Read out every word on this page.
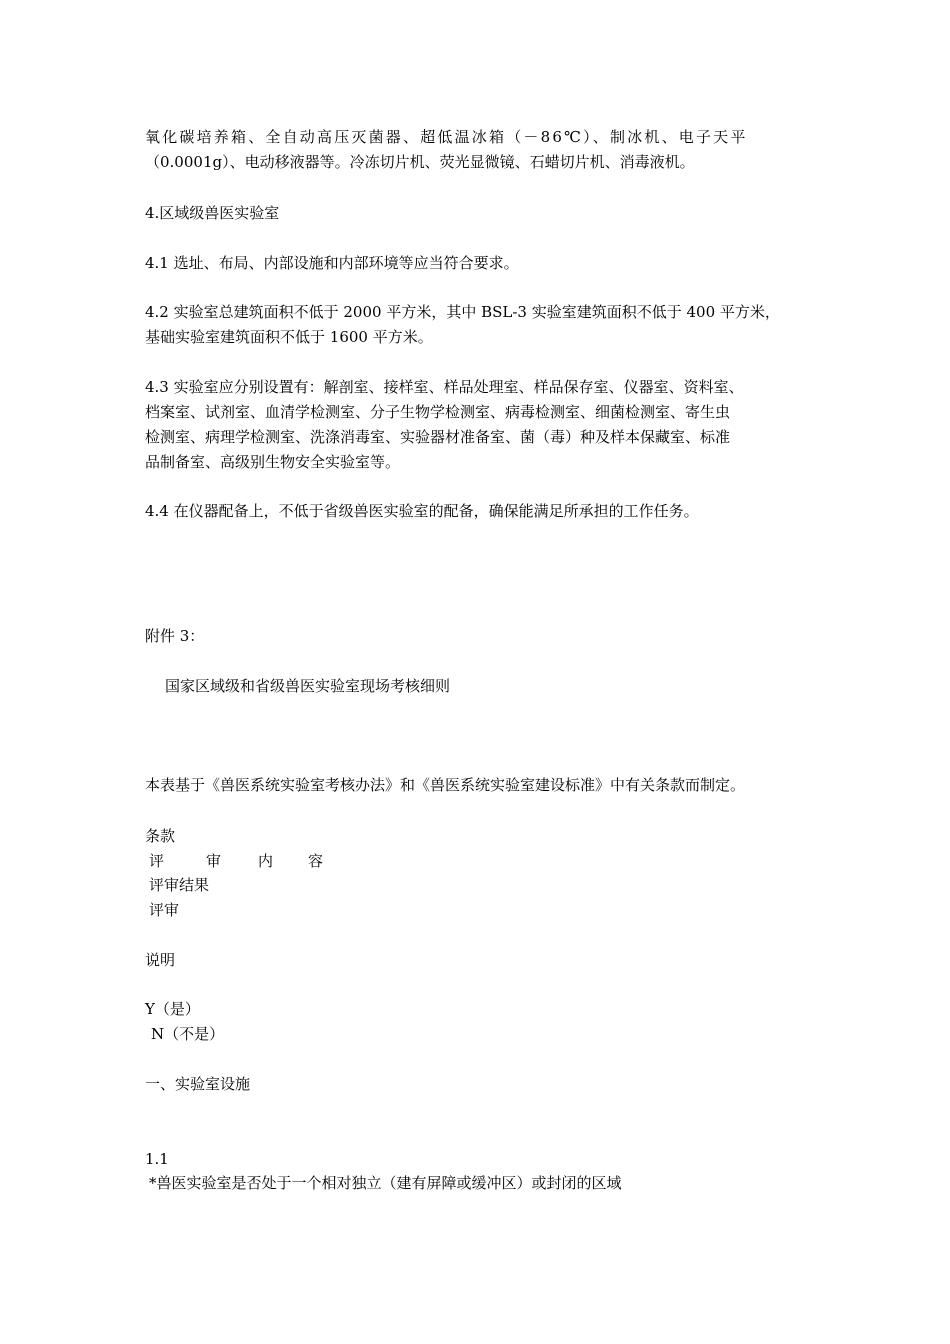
氧化碳培养箱、全自动高压灭菌器、超低温冰箱（－86℃）、制冰机、电子天平
（0.0001g）、电动移液器等。冷冻切片机、荧光显微镜、石蜡切片机、消毒液机。
4.区域级兽医实验室
4.1 选址、布局、内部设施和内部环境等应当符合要求。
4.2 实验室总建筑面积不低于 2000 平方米，其中 BSL-3 实验室建筑面积不低于 400 平方米，
基础实验室建筑面积不低于 1600 平方米。
4.3 实验室应分别设置有：解剖室、接样室、样品处理室、样品保存室、仪器室、资料室、
档案室、试剂室、血清学检测室、分子生物学检测室、病毒检测室、细菌检测室、寄生虫
检测室、病理学检测室、洗涤消毒室、实验器材准备室、菌（毒）种及样本保藏室、标准
品制备室、高级别生物安全实验室等。
4.4 在仪器配备上，不低于省级兽医实验室的配备，确保能满足所承担的工作任务。
附件 3：
国家区域级和省级兽医实验室现场考核细则
本表基于《兽医系统实验室考核办法》和《兽医系统实验室建设标准》中有关条款而制定。
条款
评	审 内 容
评审结果
评审
说明
Y（是）
N（不是）
一、实验室设施
1.1
*兽医实验室是否处于一个相对独立（建有屏障或缓冲区）或封闭的区域
